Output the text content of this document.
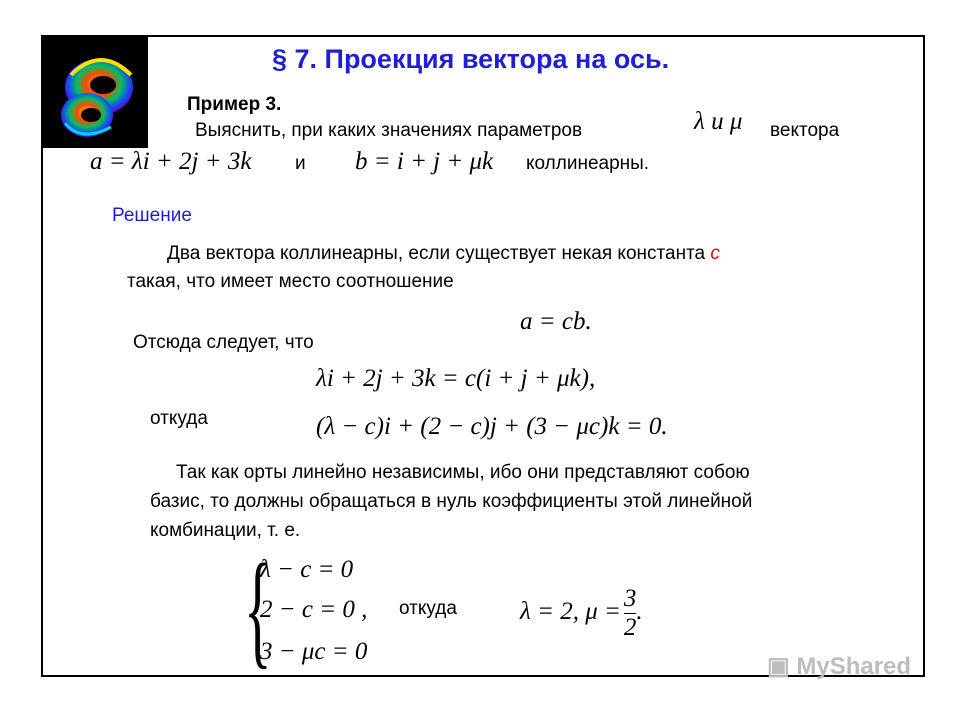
§ 7. Проекция вектора на ось.
Пример 3.
Выяснить, при каких значениях параметров	λ и μ вектора
a = λi + 2j + 3k и b = i + j + μk коллинеарны.
Решение
Два вектора коллинеарны, если существует некая константа c
такая, что имеет место соотношение
a = cb.
Отсюда следует, что
λi + 2j + 3k = c(i + j + μk),
откуда	(λ − c)i + (2 − c)j + (3 − μc)k = 0.
Так как орты линейно независимы, ибо они представляют собою
базис, то должны обращаться в нуль коэффициенты этой линейной
комбинации, т. е.
{
λ − c = 0
2 − c = 0 ,
3 − μc = 0
откуда	λ = 2, $\mu = \frac{3}{2}$ .
▣ MyShared
